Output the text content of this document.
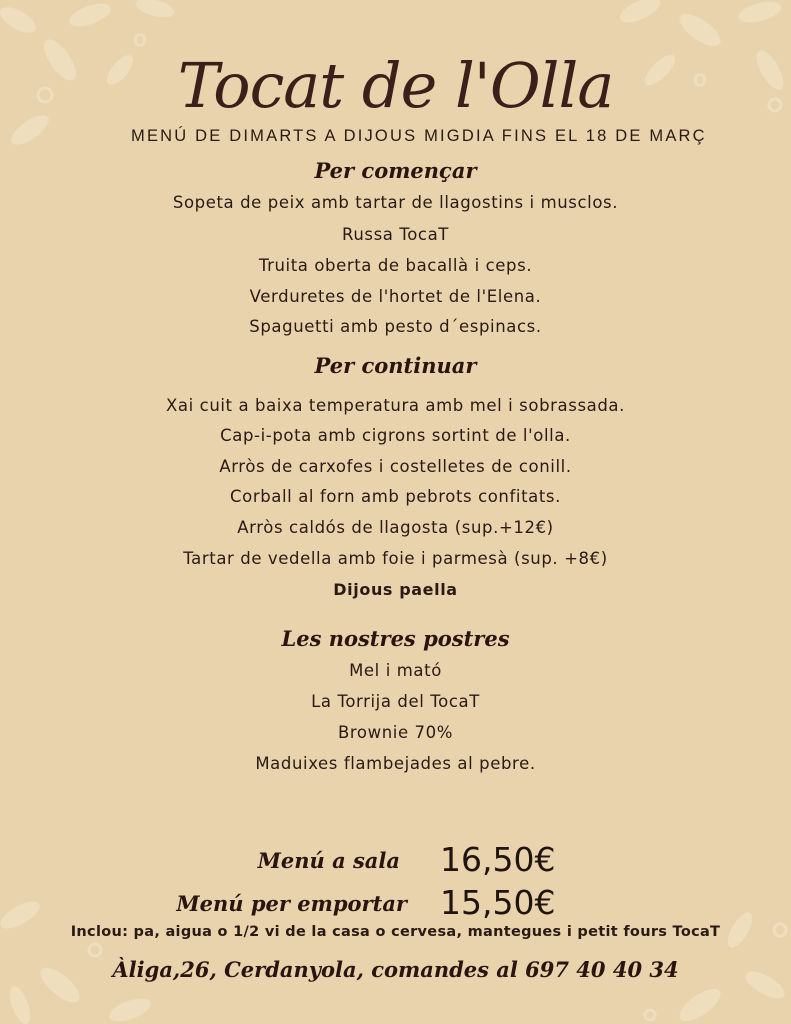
Tocat de l'Olla
MENÚ DE DIMARTS A DIJOUS MIGDIA FINS EL 18 DE MARÇ
Per començar
Sopeta de peix amb tartar de llagostins i musclos.
Russa TocaT
Truita oberta de bacallà i ceps.
Verduretes de l'hortet de l'Elena.
Spaguetti amb pesto d´espinacs.
Per continuar
Xai cuit a baixa temperatura amb mel i sobrassada.
Cap-i-pota amb cigrons sortint de l'olla.
Arròs de carxofes i costelletes de conill.
Corball al forn amb pebrots confitats.
Arròs caldós de llagosta (sup.+12€)
Tartar de vedella amb foie i parmesà (sup. +8€)
Dijous paella
Les nostres postres
Mel i mató
La Torrija del TocaT
Brownie 70%
Maduixes flambejades al pebre.
Menú a sala 16,50€
Menú per emportar 15,50€
Inclou: pa, aigua o 1/2 vi de la casa o cervesa, mantegues i petit fours TocaT
Àliga,26, Cerdanyola, comandes al 697 40 40 34
